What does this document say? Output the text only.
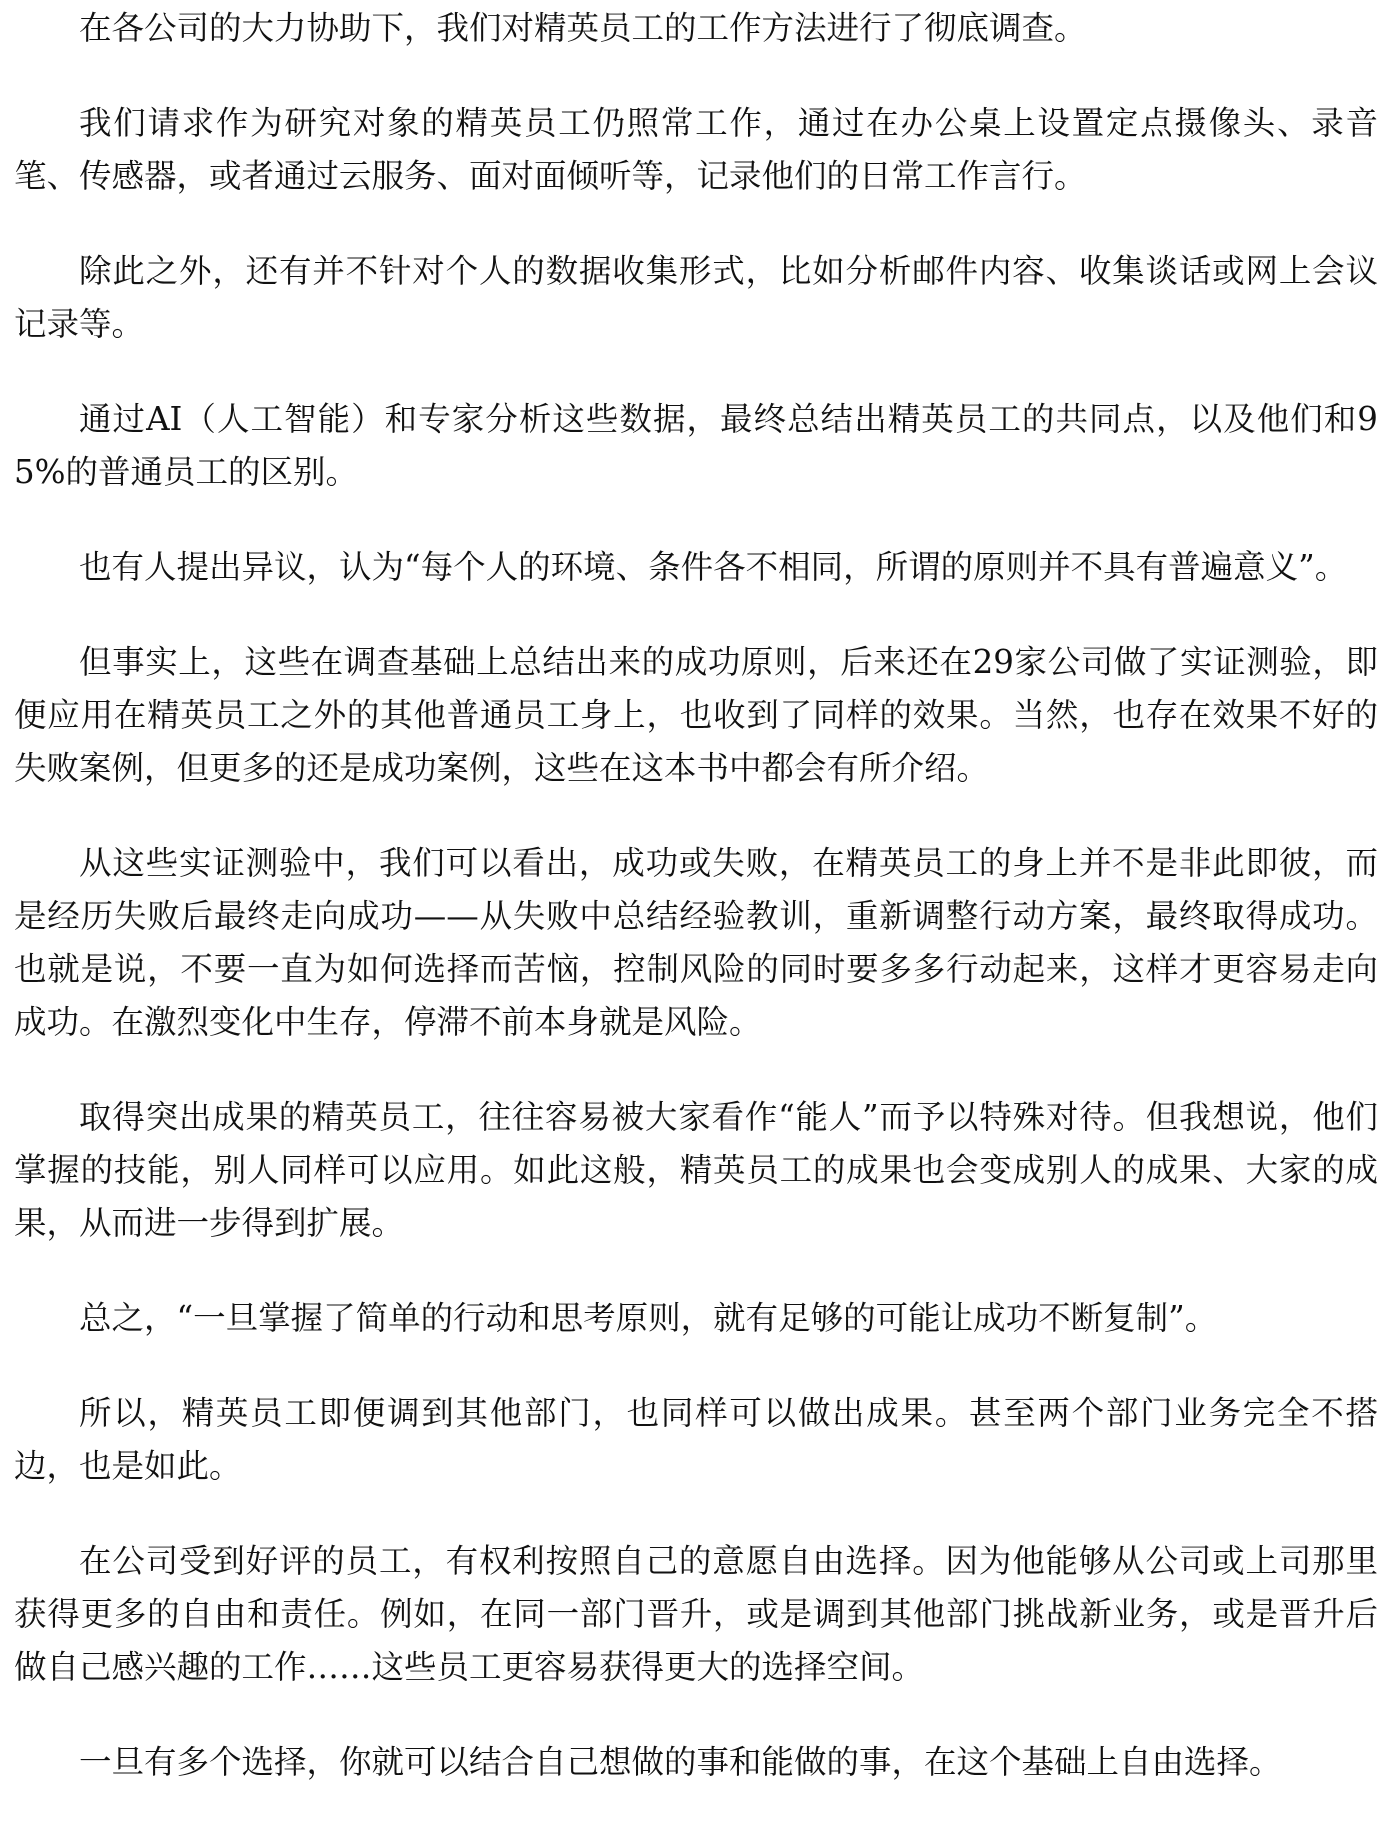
在各公司的大力协助下，我们对精英员工的工作方法进行了彻底调查。

我们请求作为研究对象的精英员工仍照常工作，通过在办公桌上设置定点摄像头、录音笔、传感器，或者通过云服务、面对面倾听等，记录他们的日常工作言行。

除此之外，还有并不针对个人的数据收集形式，比如分析邮件内容、收集谈话或网上会议记录等。

通过AI（人工智能）和专家分析这些数据，最终总结出精英员工的共同点，以及他们和95%的普通员工的区别。

也有人提出异议，认为“每个人的环境、条件各不相同，所谓的原则并不具有普遍意义”。

但事实上，这些在调查基础上总结出来的成功原则，后来还在29家公司做了实证测验，即便应用在精英员工之外的其他普通员工身上，也收到了同样的效果。当然，也存在效果不好的失败案例，但更多的还是成功案例，这些在这本书中都会有所介绍。

从这些实证测验中，我们可以看出，成功或失败，在精英员工的身上并不是非此即彼，而是经历失败后最终走向成功——从失败中总结经验教训，重新调整行动方案，最终取得成功。也就是说，不要一直为如何选择而苦恼，控制风险的同时要多多行动起来，这样才更容易走向成功。在激烈变化中生存，停滞不前本身就是风险。

取得突出成果的精英员工，往往容易被大家看作“能人”而予以特殊对待。但我想说，他们掌握的技能，别人同样可以应用。如此这般，精英员工的成果也会变成别人的成果、大家的成果，从而进一步得到扩展。

总之，“一旦掌握了简单的行动和思考原则，就有足够的可能让成功不断复制”。

所以，精英员工即便调到其他部门，也同样可以做出成果。甚至两个部门业务完全不搭边，也是如此。

在公司受到好评的员工，有权利按照自己的意愿自由选择。因为他能够从公司或上司那里获得更多的自由和责任。例如，在同一部门晋升，或是调到其他部门挑战新业务，或是晋升后做自己感兴趣的工作……这些员工更容易获得更大的选择空间。

一旦有多个选择，你就可以结合自己想做的事和能做的事，在这个基础上自由选择。
